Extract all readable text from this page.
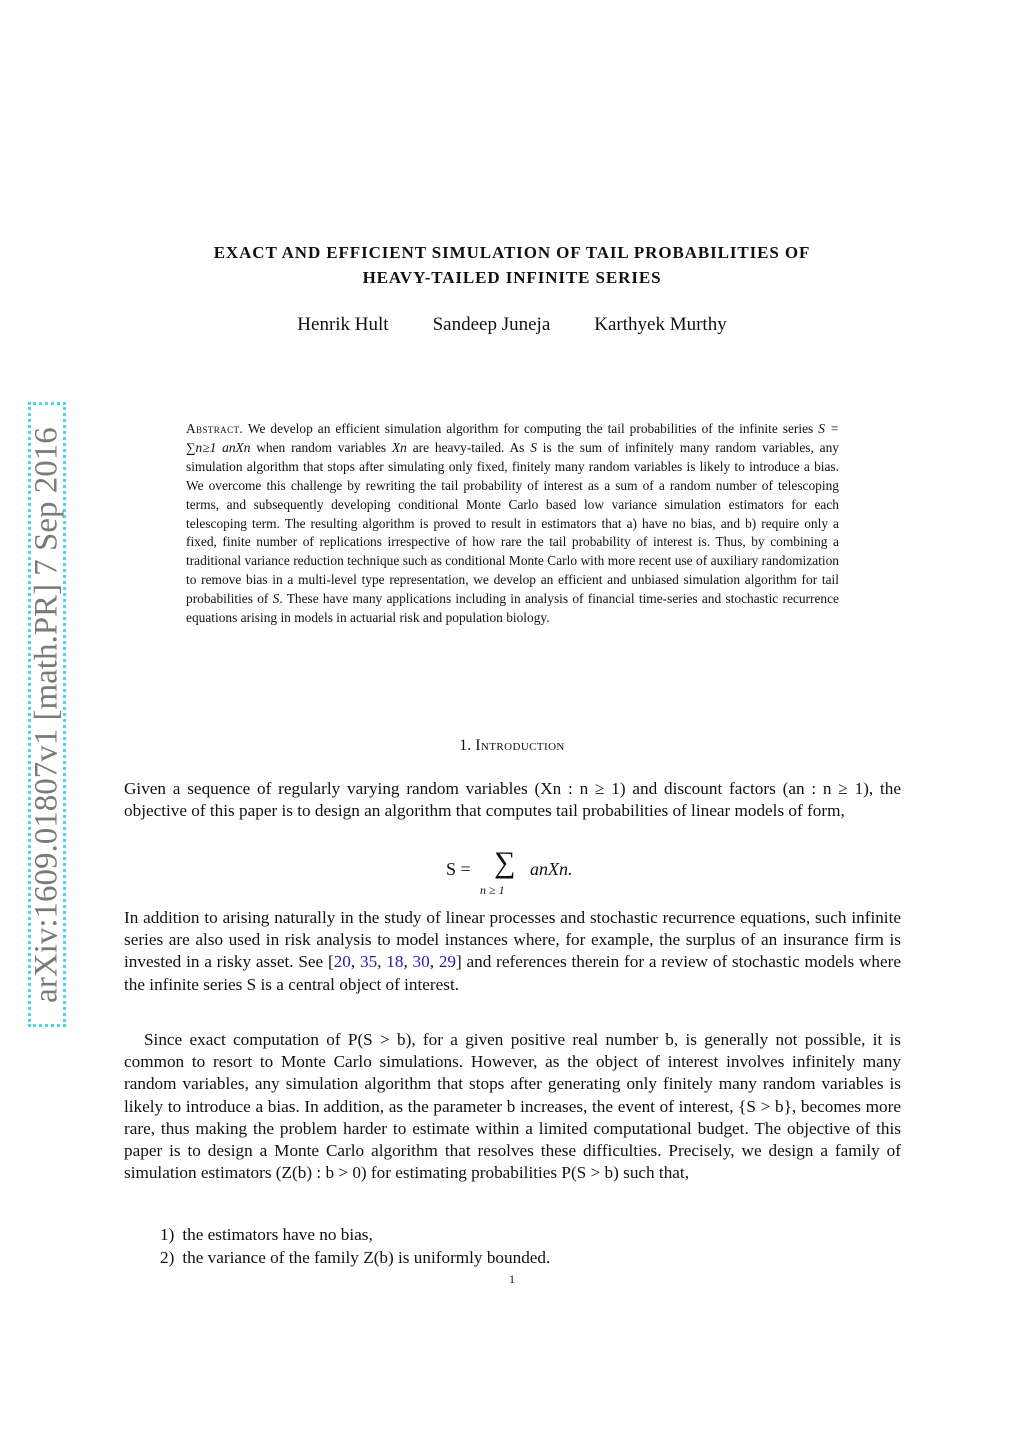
arXiv:1609.01807v1 [math.PR] 7 Sep 2016
EXACT AND EFFICIENT SIMULATION OF TAIL PROBABILITIES OF
HEAVY-TAILED INFINITE SERIES
Henrik Hult Sandeep Juneja Karthyek Murthy
Abstract. We develop an efficient simulation algorithm for computing the tail probabilities of the infinite series S = ∑n≥1 anXn when random variables Xn are heavy-tailed. As S is the sum of infinitely many random variables, any simulation algorithm that stops after simulating only fixed, finitely many random variables is likely to introduce a bias. We overcome this challenge by rewriting the tail probability of interest as a sum of a random number of telescoping terms, and subsequently developing conditional Monte Carlo based low variance simulation estimators for each telescoping term. The resulting algorithm is proved to result in estimators that a) have no bias, and b) require only a fixed, finite number of replications irrespective of how rare the tail probability of interest is. Thus, by combining a traditional variance reduction technique such as conditional Monte Carlo with more recent use of auxiliary randomization to remove bias in a multi-level type representation, we develop an efficient and unbiased simulation algorithm for tail probabilities of S. These have many applications including in analysis of financial time-series and stochastic recurrence equations arising in models in actuarial risk and population biology.
1. Introduction

Given a sequence of regularly varying random variables (Xn : n ≥ 1) and discount factors (an : n ≥ 1), the objective of this paper is to design an algorithm that computes tail probabilities of linear models of form,

S = ∑
n ≥ 1
anXn.

In addition to arising naturally in the study of linear processes and stochastic recurrence equations, such infinite series are also used in risk analysis to model instances where, for example, the surplus of an insurance firm is invested in a risky asset. See [20, 35, 18, 30, 29] and references therein for a review of stochastic models where the infinite series S is a central object of interest.

Since exact computation of P(S > b), for a given positive real number b, is generally not possible, it is common to resort to Monte Carlo simulations. However, as the object of interest involves infinitely many random variables, any simulation algorithm that stops after generating only finitely many random variables is likely to introduce a bias. In addition, as the parameter b increases, the event of interest, {S > b}, becomes more rare, thus making the problem harder to estimate within a limited computational budget. The objective of this paper is to design a Monte Carlo algorithm that resolves these difficulties. Precisely, we design a family of simulation estimators (Z(b) : b > 0) for estimating probabilities P(S > b) such that,

1) the estimators have no bias,
2) the variance of the family Z(b) is uniformly bounded.
1
